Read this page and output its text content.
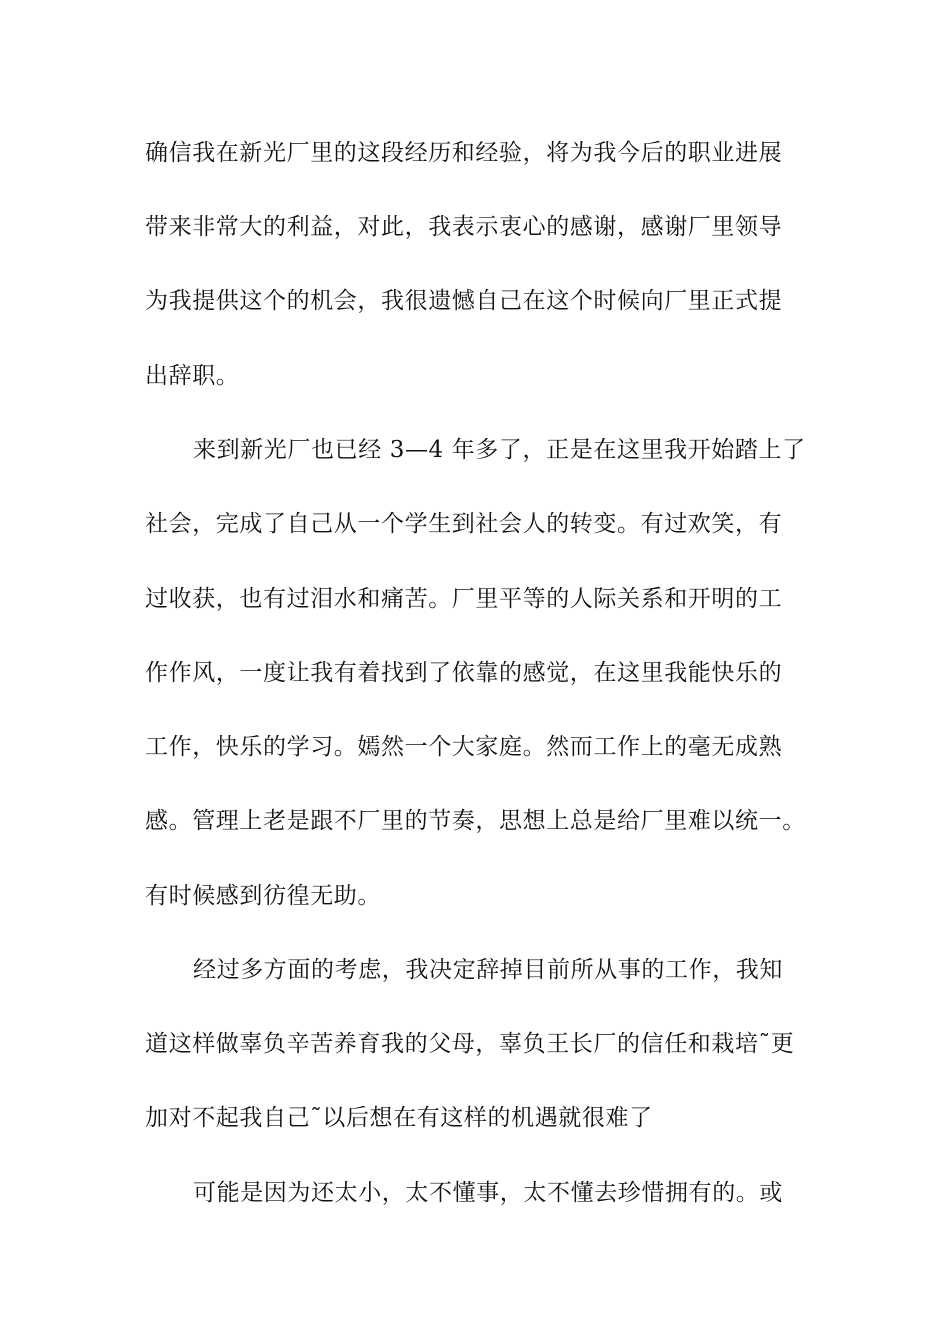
确信我在新光厂里的这段经历和经验，将为我今后的职业进展
带来非常大的利益，对此，我表示衷心的感谢，感谢厂里领导
为我提供这个的机会，我很遗憾自己在这个时候向厂里正式提
出辞职。
来到新光厂也已经 3—4 年多了，正是在这里我开始踏上了
社会，完成了自己从一个学生到社会人的转变。有过欢笑，有
过收获，也有过泪水和痛苦。厂里平等的人际关系和开明的工
作作风，一度让我有着找到了依靠的感觉，在这里我能快乐的
工作，快乐的学习。嫣然一个大家庭。然而工作上的毫无成熟
感。管理上老是跟不厂里的节奏，思想上总是给厂里难以统一。
有时候感到彷徨无助。
经过多方面的考虑，我决定辞掉目前所从事的工作，我知
道这样做辜负辛苦养育我的父母，辜负王长厂的信任和栽培˜更
加对不起我自己˜以后想在有这样的机遇就很难了
可能是因为还太小，太不懂事，太不懂去珍惜拥有的。或
